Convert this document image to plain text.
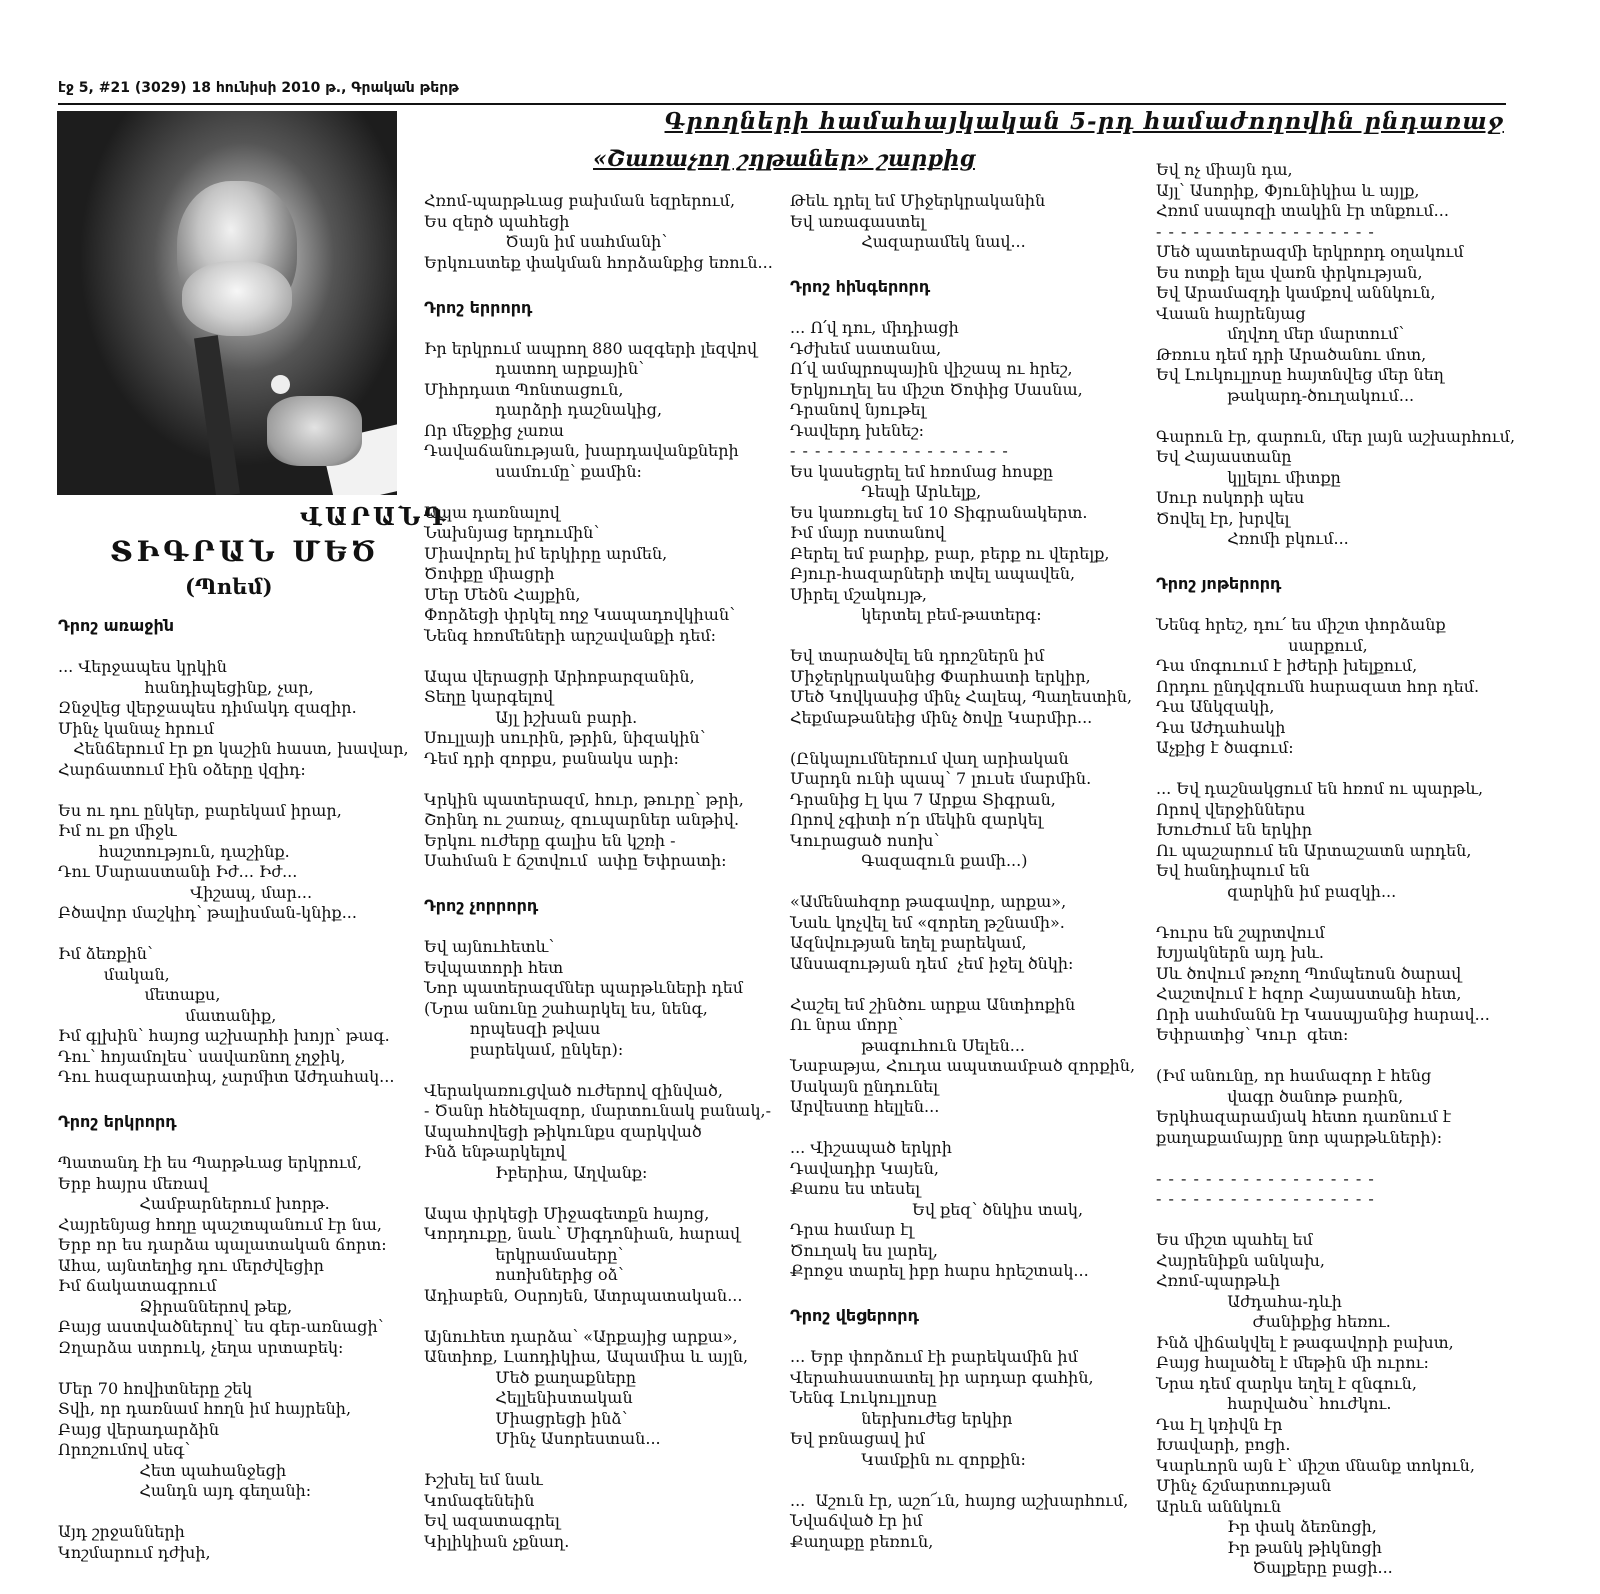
էջ 5, #21 (3029) 18 հունիսի 2010 թ., Գրական թերթ
Գրողների համահայկական 5-րդ համաժողովին ընդառաջ
«Շառաչող շղթաներ» շարքից
ՎԱՐԱՆԴ
ՏԻԳՐԱՆ ՄԵԾ
(Պոեմ)
Դրոշ առաջին
... Վերջապես կրկին
հանդիպեցինք, չար,
Զնջվեց վերջապես դիմակդ զազիր.
Մինչ կանաչ հրում
Հենճերում էր քո կաշին հաստ, խավար,
Հարճատում էին օձերը վզիդ:
Ես ու դու ընկեր, բարեկամ իրար,
Իմ ու քո միջև
հաշտություն, դաշինք.
Դու Մարաստանի Իժ... Իժ...
Վիշապ, մար...
Բծավոր մաշկիդ՝ թալիսման-կնիք...
Իմ ձեռքին՝
մական,
մետաքս,
մատանիք,
Իմ գլխին՝ հայոց աշխարհի խոյր՝ թագ.
Դու՝ հոյամոլես՝ սավառնող չղջիկ,
Դու հազարատիպ, չարմիտ Աժդահակ...
Դրոշ երկրորդ
Պատանդ էի ես Պարթևաց երկրում,
Երբ հայրս մեռավ
Համբարներում խորթ.
Հայրենյաց հողը պաշտպանում էր նա,
Երբ որ ես դարձա պալատական ճորտ:
Ահա, այնտեղից դու մերժվեցիր
Իմ ճակատագրում
Ձիրաններով թեք,
Բայց աստվածներով՝ ես գեր-առնացի՝
Զղարձա ստրուկ, չեղա սրտաբեկ:
Մեր 70 հովիտները շեկ
Տվի, որ դառնամ հողն իմ հայրենի,
Բայց վերադարձին
Որոշումով սեգ՝
Հետ պահանջեցի
Հանդն այդ գեղանի:
Այդ շրջանների
Կոշմարում դժխի,
Հռոմ-պարթևաց բախման եզրերում,
Ես զերծ պահեցի
Ծայն իմ սահմանի՝
Երկուստեք փակման հորձանքից եռուն...
Դրոշ երրորդ
Իր երկրում ապրող 880 ազգերի լեզվով
դատող արքային՝
Միհրդատ Պոնտացուն,
դարձրի դաշնակից,
Որ մեջքից չառա
Դավաճանության, խարդավանքների
սամումը՝ քամին:
Ապա դառնալով
Նախնյաց երդումին՝
Միավորել իմ երկիրը արմեն,
Ծոփքը միացրի
Մեր Մեծն Հայքին,
Փորձեցի փրկել ողջ Կապադովկիան՝
Նենգ հռոմեների արշավանքի դեմ:
Ապա վերացրի Արիոբարզանին,
Տեղը կարգելով
Այլ իշխան բարի.
Սուլլայի սուրին, թրին, նիզակին՝
Դեմ դրի զորքս, բանակս արի:
Կրկին պատերազմ, հուր, թուրը՝ թրի,
Շոինդ ու շառաչ, զուպարներ անթիվ.
Երկու ուժերը գալիս են կշռի -
Սահման է ճշտվում  ափը Եփրատի:
Դրոշ չորրորդ
Եվ այնուհետև՝
Եվպատորի հետ
Նոր պատերազմներ պարթևների դեմ
(Նրա անունը շահարկել ես, նենգ,
որպեսզի թվաս
բարեկամ, ընկեր):
Վերակառուցված ուժերով զինված,
- Ծանր հեծելազոր, մարտունակ բանակ,-
Ապահովեցի թիկունքս զարկված
Ինձ ենթարկելով
Իբերիա, Աղվանք:
Ապա փրկեցի Միջագետքն հայոց,
Կորդուքը, նաև՝ Միգդոնիան, հարավ
երկրամասերը՝
ոսոխներից օձ՝
Ադիաբեն, Օսրոյեն, Ատրպատական...
Այնուհետ դարձա՝ «Արքայից արքա»,
Անտիոք, Լաոդիկիա, Ապամիա և այլն,
Մեծ քաղաքները
Հելլենիստական
Միացրեցի ինձ՝
Մինչ Ասորեստան...
Իշխել եմ նաև
Կոմագենեին
Եվ ազատագրել
Կիլիկիան չքնաղ.
Թեև դրել եմ Միջերկրականին
Եվ առագաստել
Հազարամեկ նավ...
Դրոշ հինգերորդ
... Ո՛վ դու, միդիացի
Դժխեմ սատանա,
Ո՛վ ամպրոպային վիշապ ու հրեշ,
Երկյուղել ես միշտ Ծոփից Սասնա,
Դրանով նյութել
Դավերդ խենեշ:
- - - - - - - - - - - - - - - - - -
Ես կասեցրել եմ հռոմաց հոսքը
Դեպի Արևելք,
Ես կառուցել եմ 10 Տիգրանակերտ.
Իմ մայր ոստանով
Բերել եմ բարիք, բար, բերք ու վերելք,
Բյուր-հազարների տվել ապավեն,
Սիրել մշակույթ,
կերտել բեմ-թատերգ:
Եվ տարածվել են դրոշներն իմ
Միջերկրականից Փարհատի երկիր,
Մեծ Կովկասից մինչ Հալեպ, Պաղեստին,
Հեքմաթանեից մինչ ծովը Կարմիր...
(Ընկալումներում վաղ արիական
Մարդն ունի պապ՝ 7 լուսե մարմին.
Դրանից էլ կա 7 Արքա Տիգրան,
Որով չգիտի ո՛ր մեկին զարկել
Կուրացած ոսոխ՝
Գազազուն քամի...)
«Ամենահզոր թագավոր, արքա»,
Նաև կոչվել եմ «զորեղ թշնամի».
Ազնվության եղել բարեկամ,
Անսազության դեմ  չեմ իջել ծնկի:
Հաշել եմ շինծու արքա Անտիոքին
Ու նրա մորը՝
թագուհուն Սելեն...
Նաբաթյա, Հուդա ապստամբած զորքին,
Սակայն ընդունել
Արվեստը հելլեն...
... Վիշապած երկրի
Դավադիր Կայեն,
Քառս ես տեսել
Եվ քեզ՝ ծնկիս տակ,
Դրա համար էլ
Ծուղակ ես լարել,
Քրոջս տարել իբր հարս հրեշտակ...
Դրոշ վեցերորդ
... Երբ փորձում էի բարեկամին իմ
Վերահաստատել իր արդար գահին,
Նենգ Լուկուլլոսը
ներխուժեց երկիր
Եվ բռնացավ իմ
Կամքին ու զորքին:
...  Աշուն էր, աշո՜ւն, հայոց աշխարհում,
Նվաճված էր իմ
Քաղաքը բեռուն,
Եվ ոչ միայն դա,
Այլ՝ Ասորիք, Փյունիկիա և այլք,
Հռոմ սապոզի տակին էր տնքում...
- - - - - - - - - - - - - - - - - -
Մեծ պատերազմի երկրորդ օղակում
Ես ոտքի ելա վառն փրկության,
Եվ Արամազդի կամքով աննկուն,
Վաան հայրենյաց
մղվող մեր մարտում՝
Թռուս դեմ դրի Արածանու մոտ,
Եվ Լուկուլլոսը հայտնվեց մեր նեղ
թակարդ-ծուղակում...
Գարուն էր, գարուն, մեր լայն աշխարհում,
Եվ Հայաստանը
կլլելու միտքը
Սուր ոսկորի պես
Ծովել էր, խրվել
Հռոմի բկում...
Դրոշ յոթերորդ
Նենգ հրեշ, դու՛ ես միշտ փորձանք
սարքում,
Դա մոգուում է իժերի խելքում,
Որդու ընդվզումն հարազատ հոր դեմ.
Դա Անկզակի,
Դա Աժդահակի
Աչքից է ծագում:
... Եվ դաշնակցում են հռոմ ու պարթև,
Որով վերջիններս
Խուժում են երկիր
Ու պաշարում են Արտաշատն արդեն,
Եվ հանդիպում են
զարկին իմ բազկի...
Դուրս են շպրտվում
Խլյակներն այդ խև.
Սև ծովում թռչող Պոմպեոսն ծարավ
Հաշտվում է հզոր Հայաստանի հետ,
Որի սահմանն էր Կասպյանից հարավ...
Եփրատից՝ Կուր  գետ:
(Իմ անունը, որ համազոր է հենց
վագր ծանոթ բառին,
Երկհազարամյակ հետո դառնում է
քաղաքամայրը նոր պարթևների):
- - - - - - - - - - - - - - - - - -
- - - - - - - - - - - - - - - - - -
Ես միշտ պահել եմ
Հայրենիքն անկախ,
Հռոմ-պարթևի
Աժդահա-դևի
Ժանիքից հեռու.
Ինձ վիճակվել է թագավորի բախտ,
Բայց հալածել է մեթին մի ուրու:
Նրա դեմ զարկս եղել է զնգուն,
հարվածս՝ հուժկու.
Դա էլ կռիվն էր
Խավարի, բոցի.
Կարևորն այն է՝ միշտ մնանք տոկուն,
Մինչ ճշմարտության
Արևն աննկուն
Իր փակ ձեռնոցի,
Իր թանկ թիկնոցի
Ծալքերը բացի...
